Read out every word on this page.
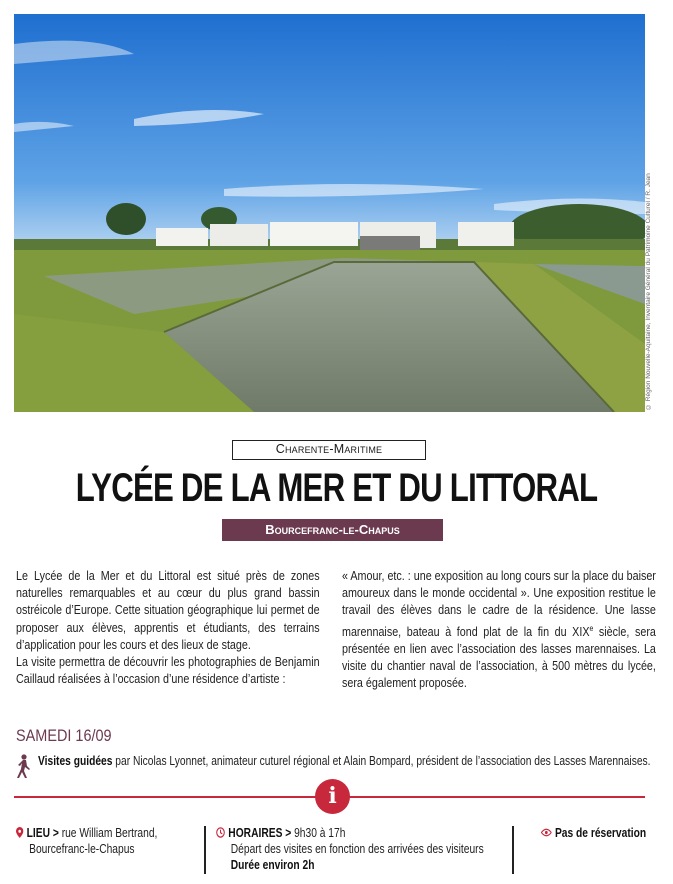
© Région Nouvelle-Aquitaine, Inventaire Général du Patrimoine Culturel / R. Jean
Charente-Maritime
LYCÉE DE LA MER ET DU LITTORAL
Bourcefranc-le-Chapus

Le Lycée de la Mer et du Littoral est situé près de zones naturelles remarquables et au cœur du plus grand bassin ostréicole d’Europe. Cette situation géographique lui permet de proposer aux élèves, apprentis et étudiants, des terrains d’application pour les cours et des lieux de stage.

La visite permettra de découvrir les photographies de Benjamin Caillaud réalisées à l’occasion d’une résidence d’artiste :

« Amour, etc. : une exposition au long cours sur la place du baiser amoureux dans le monde occidental ». Une exposition restitue le travail des élèves dans le cadre de la résidence. Une lasse marennaise, bateau à fond plat de la fin du XIXe siècle, sera présentée en lien avec l’association des lasses marennaises. La visite du chantier naval de l’association, à 500 mètres du lycée, sera également proposée.

SAMEDI 16/09
Visites guidées par Nicolas Lyonnet, animateur cuturel régional et Alain Bompard, président de l’association des Lasses Marennaises.
i
LIEU > rue William Bertrand,
Bourcefranc-le-Chapus
HORAIRES > 9h30 à 17h
Départ des visites en fonction des arrivées des visiteurs
Durée environ 2h
Pas de réservation
